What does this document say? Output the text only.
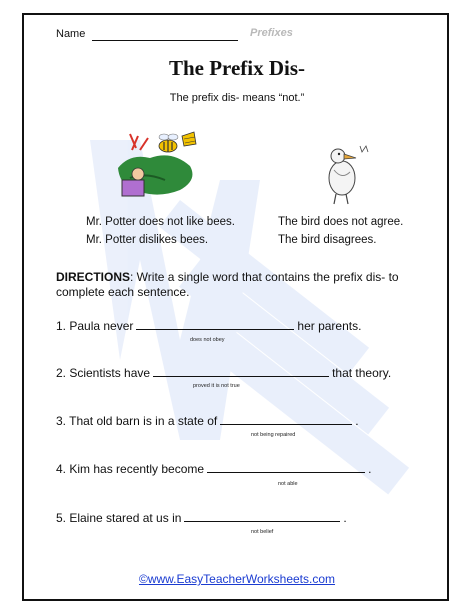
Name	Prefixes
The Prefix Dis-
The prefix dis- means “not.”
Mr. Potter does not like bees.
Mr. Potter dislikes bees.
The bird does not agree.
The bird disagrees.
DIRECTIONS: Write a single word that contains the prefix dis- to complete each sentence.
1. Paula never	her parents.
does not obey
2. Scientists have	that theory.
proved it is not true
3. That old barn is in a state of	.
not being repaired
4. Kim has recently become	.
not able
5. Elaine stared at us in	.
not belief
©www.EasyTeacherWorksheets.com
